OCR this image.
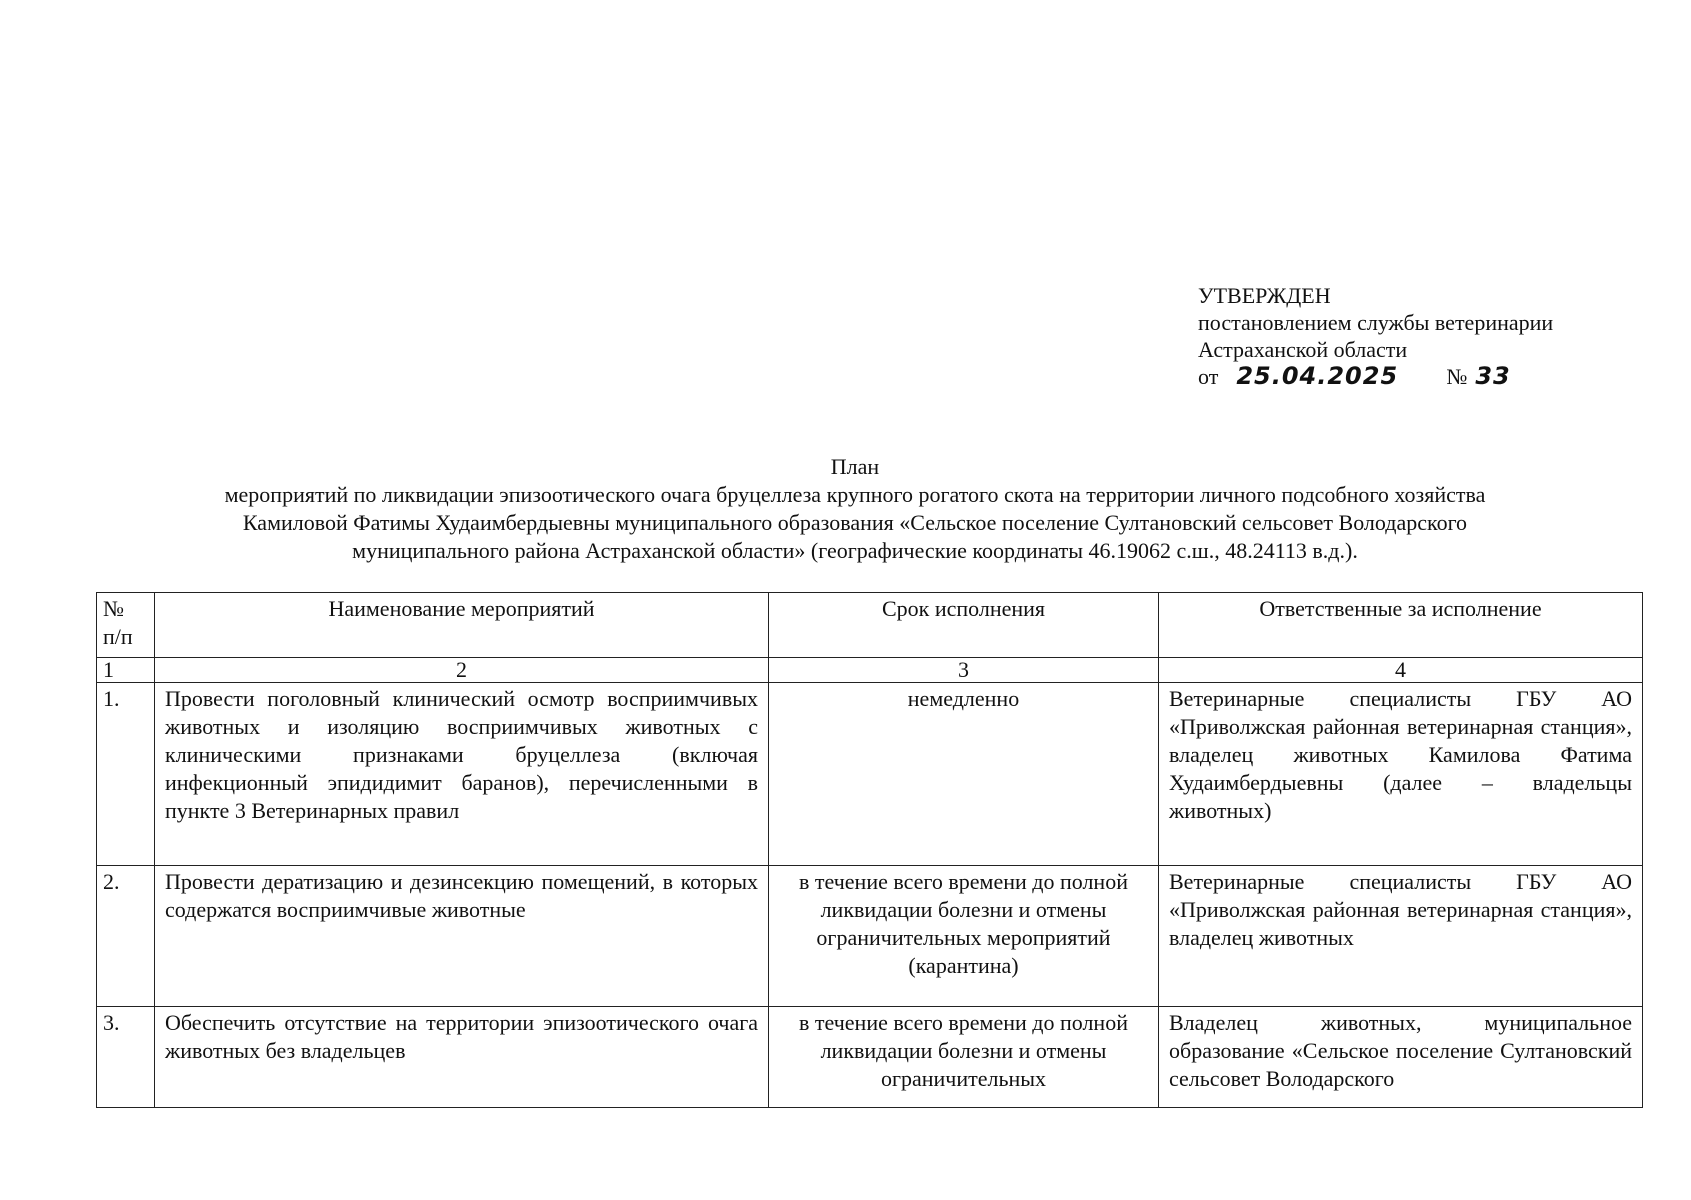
УТВЕРЖДЕН
постановлением службы ветеринарии
Астраханской области
от 25.04.2025 № 33
План
мероприятий по ликвидации эпизоотического очага бруцеллеза крупного рогатого скота на территории личного подсобного хозяйства
Камиловой Фатимы Худаимбердыевны муниципального образования «Сельское поселение Султановский сельсовет Володарского
муниципального района Астраханской области» (географические координаты 46.19062 с.ш., 48.24113 в.д.).
№ п/п	Наименование мероприятий	Срок исполнения	Ответственные за исполнение
1	2	3	4
1.	Провести поголовный клинический осмотр восприимчивых животных и изоляцию восприимчивых животных с клиническими признаками бруцеллеза (включая инфекционный эпидидимит баранов), перечисленными в пункте 3 Ветеринарных правил	немедленно	Ветеринарные специалисты ГБУ АО «Приволжская районная ветеринарная станция», владелец животных Камилова Фатима Худаимбердыевны (далее – владельцы животных)
2.	Провести дератизацию и дезинсекцию помещений, в которых содержатся восприимчивые животные	в течение всего времени до полной ликвидации болезни и отмены ограничительных мероприятий (карантина)	Ветеринарные специалисты ГБУ АО «Приволжская районная ветеринарная станция», владелец животных
3.	Обеспечить отсутствие на территории эпизоотического очага животных без владельцев	в течение всего времени до полной ликвидации болезни и отмены ограничительных	Владелец животных, муниципальное образование «Сельское поселение Султановский сельсовет Володарского
